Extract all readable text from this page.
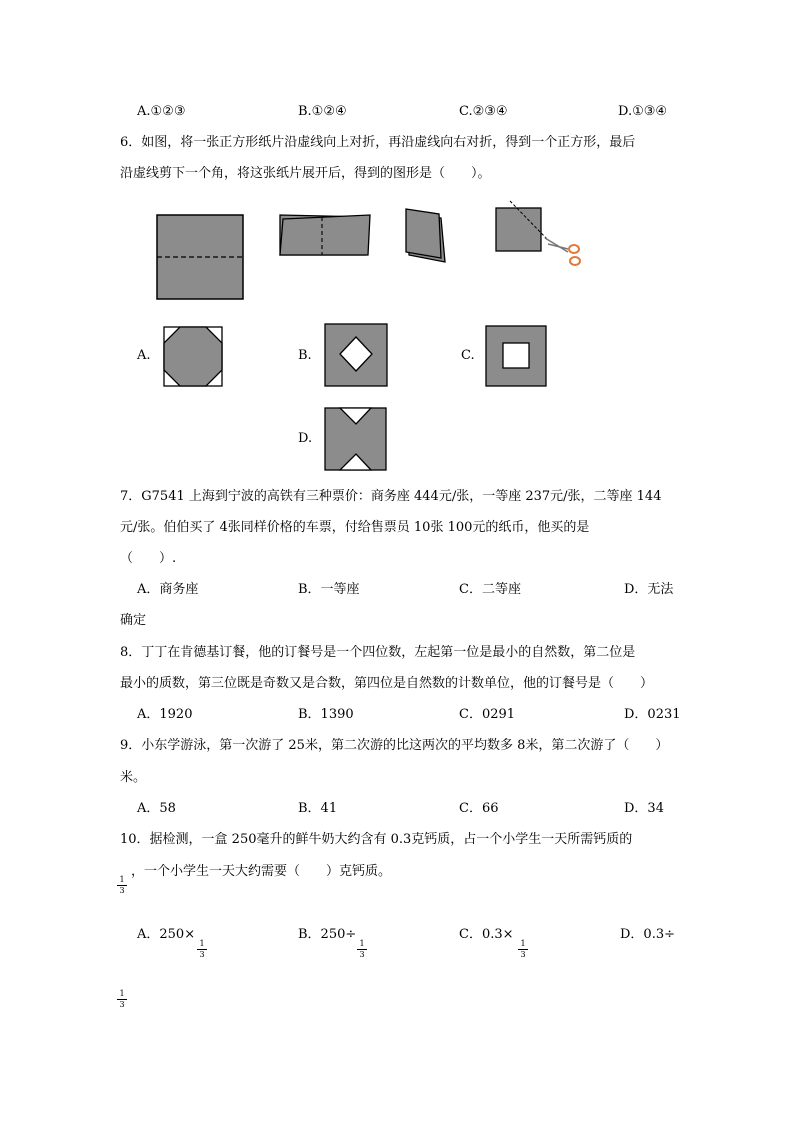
A.①②③	B.①②④	C.②③④	D.①③④
6．如图，将一张正方形纸片沿虚线向上对折，再沿虚线向右对折，得到一个正方形，最后
沿虚线剪下一个角，将这张纸片展开后，得到的图形是（　　）。
A.	B.	C.
D.
7．G7541 上海到宁波的高铁有三种票价：商务座 444元/张，一等座 237元/张，二等座 144
元/张。伯伯买了 4张同样价格的车票，付给售票员 10张 100元的纸币，他买的是
（　　）.
A．商务座	B．一等座	C．二等座	D．无法
确定
8．丁丁在肯德基订餐，他的订餐号是一个四位数，左起第一位是最小的自然数，第二位是
最小的质数，第三位既是奇数又是合数，第四位是自然数的计数单位，他的订餐号是（　　）
A．1920	B．1390	C．0291	D．0231
9．小东学游泳，第一次游了 25米，第二次游的比这两次的平均数多 8米，第二次游了（　　）
米。
A．58	B．41	C．66	D．34
10．据检测，一盒 250毫升的鲜牛奶大约含有 0.3克钙质，占一个小学生一天所需钙质的
，一个小学生一天大约需要（　　）克钙质。
1
3
A．250×
1
3
B．250÷
1
3
C．0.3×
1
3
D．0.3÷
1
3
